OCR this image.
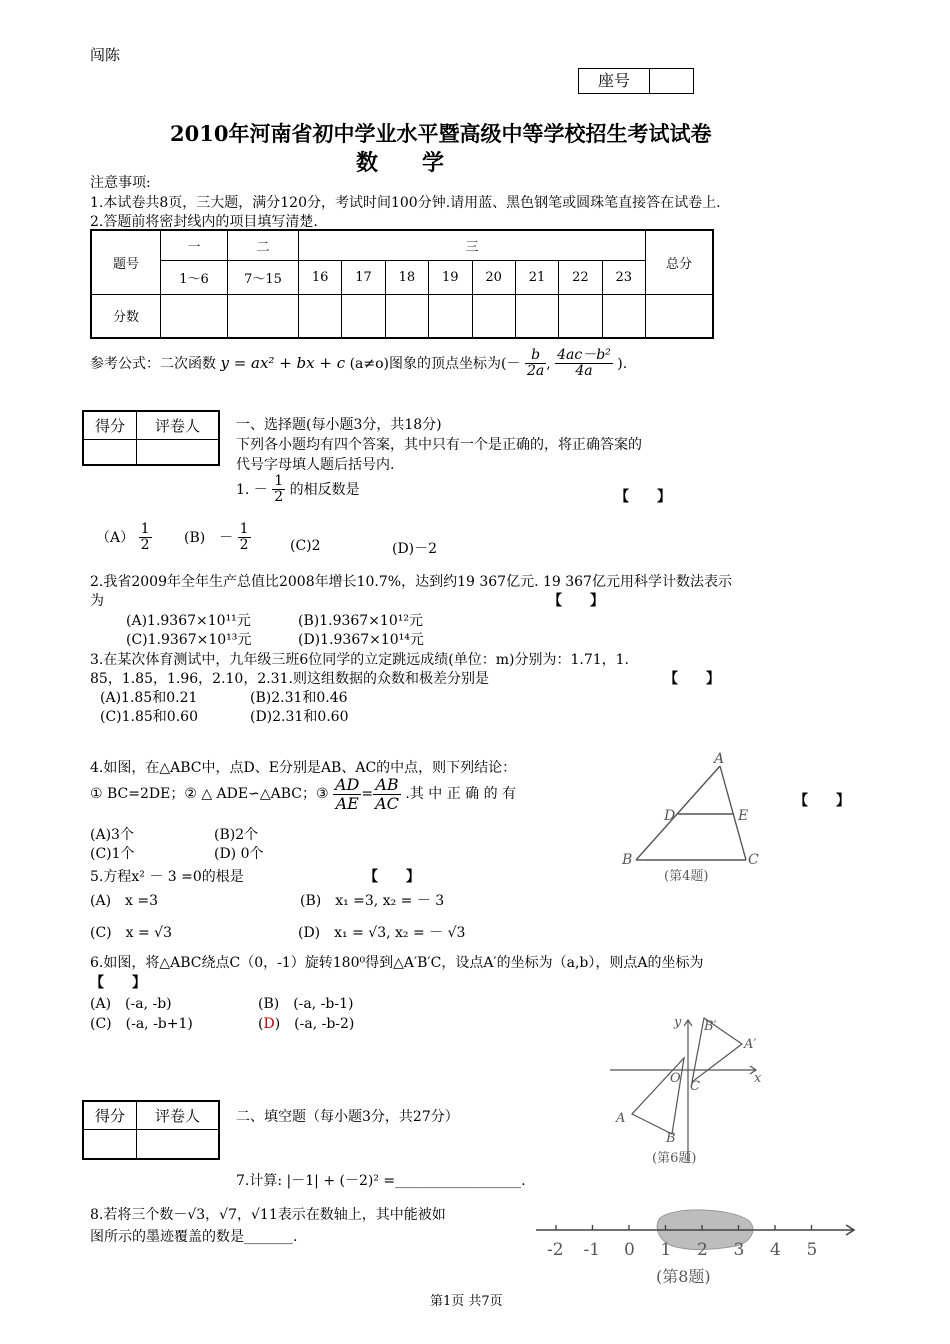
闯陈
座号
2010年河南省初中学业水平暨高级中等学校招生考试试卷
数　　学
注意事项:
1.本试卷共8页，三大题，满分120分，考试时间100分钟.请用蓝、黑色钢笔或圆珠笔直接答在试卷上.
2.答题前将密封线内的项目填写清楚.
题号	一	二	三								总分
	1～6	7～15	16	17	18	19	20	21	22	23	
分数											
参考公式：二次函数 y = ax² + bx + c (a≠o)图象的顶点坐标为(－ $\frac{b}{2a}$ , $\frac{\text{4ac－b²}}{4a}$ ).
得分	评卷人
		一、选择题(每小题3分，共18分)
下列各小题均有四个答案，其中只有一个是正确的，将正确答案的
代号字母填人题后括号内.
1. － $\frac{1}{2}$ 的相反数是	【　　】
$(A) \frac{1}{2} (B)$　－ $\frac{1}{2}$	(C)2	(D)－2
2.我省2009年全年生产总值比2008年增长10.7%，达到约19 367亿元. 19 367亿元用科学计数法表示
为	【　　】
(A)1.9367×10¹¹元	(B)1.9367×10¹²元
(C)1.9367×10¹³元	(D)1.9367×10¹⁴元
3.在某次体育测试中，九年级三班6位同学的立定跳远成绩(单位：m)分别为：1.71，1.
85，1.85，1.96，2.10，2.31.则这组数据的众数和极差分别是	【　　】
(A)1.85和0.21	(B)2.31和0.46
(C)1.85和0.60	(D)2.31和0.60
4.如图，在△ABC中，点D、E分别是AB、AC的中点，则下列结论：
① BC=2DE；② △ ADE∽△ABC；③ $\frac{AD}{AE} = \frac{AB}{AC}$ .其 中 正 确 的 有	【　　】
(A)3个	(B)2个
(C)1个	(D) 0个
A
D	E
B	C
(第4题)
5.方程x² － 3 =0的根是	【　　】
(A)　x =3	(B)　x₁ =3, x₂ = － 3
(C)　x = √3	(D)　x₁ = √3, x₂ = － √3
6.如图，将△ABC绕点C（0，-1）旋转180⁰得到△A′B′C，设点A′的坐标为（a,b），则点A的坐标为
【　　】
(A)　(-a, -b)	(B)　(-a, -b-1)
(C)　(-a, -b+1)	(D)　(-a, -b-2)	y
x
O
C
B′
A′
A
B
(第6题)
得分	评卷人
		二、填空题（每小题3分，共27分）
7.计算: |－1| + (－2)² =__________________.
8.若将三个数－√3，√7，√11表示在数轴上，其中能被如
图所示的墨迹覆盖的数是_______.
-2 -1 0 1 2 3 4 5
(第8题)
第1页 共7页
